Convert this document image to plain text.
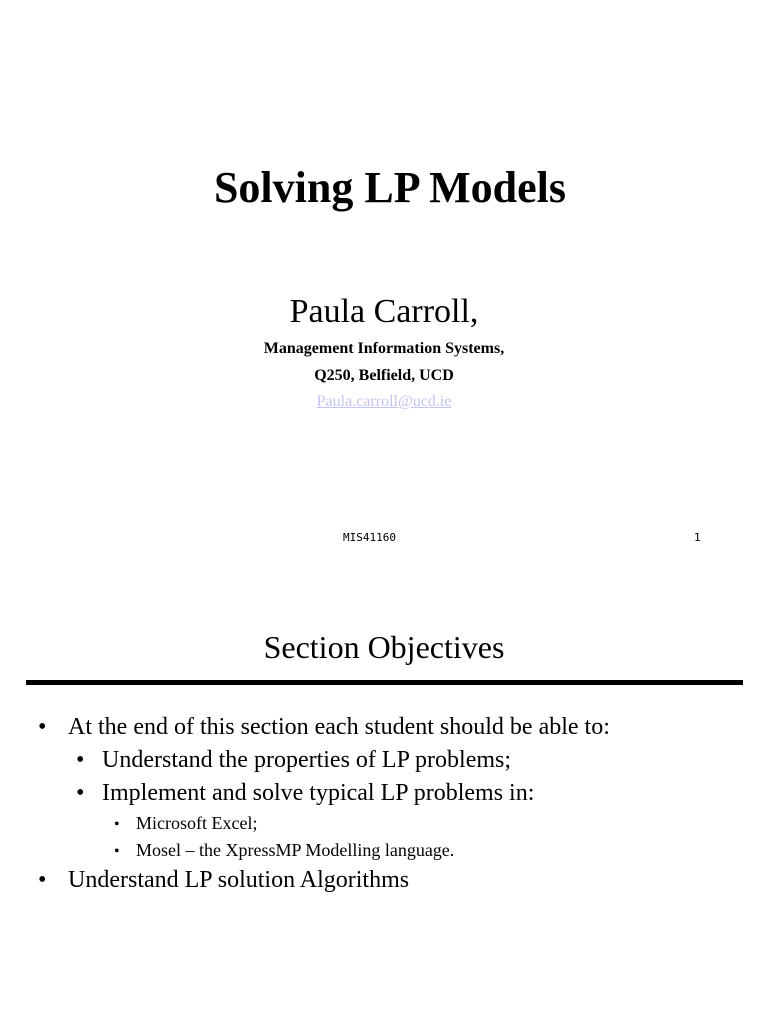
Solving LP Models
Paula Carroll,
Management Information Systems,
Q250, Belfield, UCD
Paula.carroll@ucd.ie
MIS41160	1
Section Objectives
• At the end of this section each student should be able to:
• Understand the properties of LP problems;
• Implement and solve typical LP problems in:
• Microsoft Excel;
• Mosel – the XpressMP Modelling language.
• Understand LP solution Algorithms
